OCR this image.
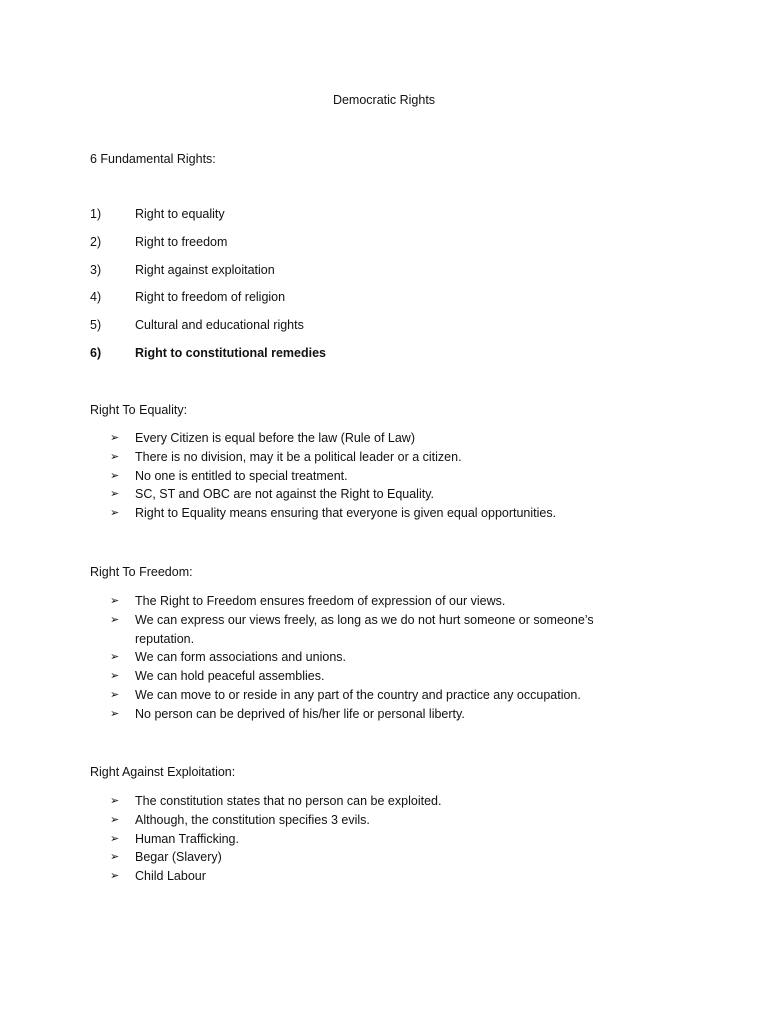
Democratic Rights
6 Fundamental Rights:
1)	Right to equality
2)	Right to freedom
3)	Right against exploitation
4)	Right to freedom of religion
5)	Cultural and educational rights
6)	Right to constitutional remedies
Right To Equality:
➢	Every Citizen is equal before the law (Rule of Law)
➢	There is no division, may it be a political leader or a citizen.
➢	No one is entitled to special treatment.
➢	SC, ST and OBC are not against the Right to Equality.
➢	Right to Equality means ensuring that everyone is given equal opportunities.
Right To Freedom:
➢	The Right to Freedom ensures freedom of expression of our views.
➢	We can express our views freely, as long as we do not hurt someone or someone’s reputation.
➢	We can form associations and unions.
➢	We can hold peaceful assemblies.
➢	We can move to or reside in any part of the country and practice any occupation.
➢	No person can be deprived of his/her life or personal liberty.
Right Against Exploitation:
➢	The constitution states that no person can be exploited.
➢	Although, the constitution specifies 3 evils.
➢	Human Trafficking.
➢	Begar (Slavery)
➢	Child Labour
